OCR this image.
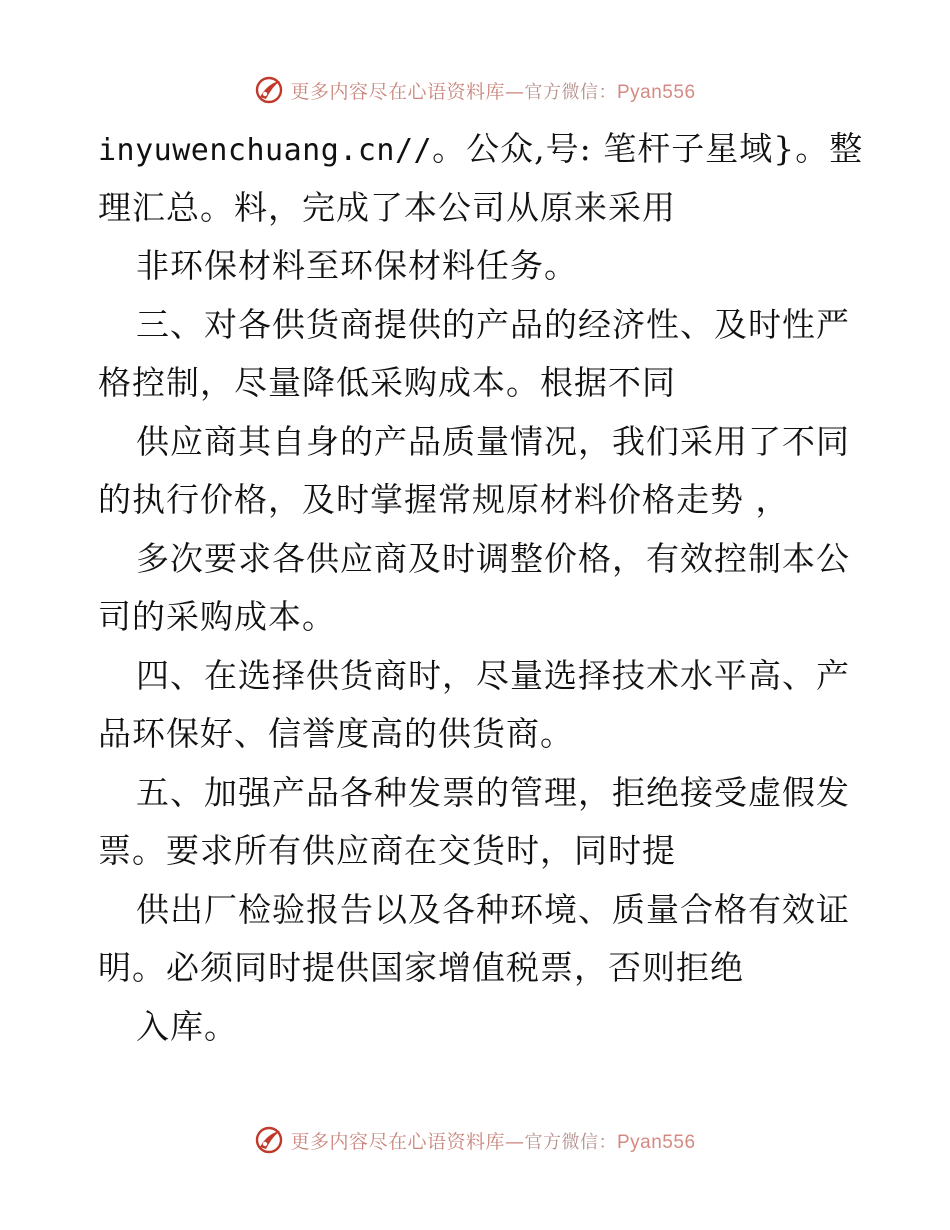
更多内容尽在心语资料库—官方微信：Pyan556
inyuwenchuang.cn//。公众,号: 笔杆子星域}。整
理汇总。料，完成了本公司从原来采用
非环保材料至环保材料任务。
三、对各供货商提供的产品的经济性、及时性严
格控制，尽量降低采购成本。根据不同
供应商其自身的产品质量情况，我们采用了不同
的执行价格，及时掌握常规原材料价格走势 ，
多次要求各供应商及时调整价格，有效控制本公
司的采购成本。
四、在选择供货商时，尽量选择技术水平高、产
品环保好、信誉度高的供货商。
五、加强产品各种发票的管理，拒绝接受虚假发
票。要求所有供应商在交货时，同时提
供出厂检验报告以及各种环境、质量合格有效证
明。必须同时提供国家增值税票，否则拒绝
入库。
更多内容尽在心语资料库—官方微信：Pyan556
